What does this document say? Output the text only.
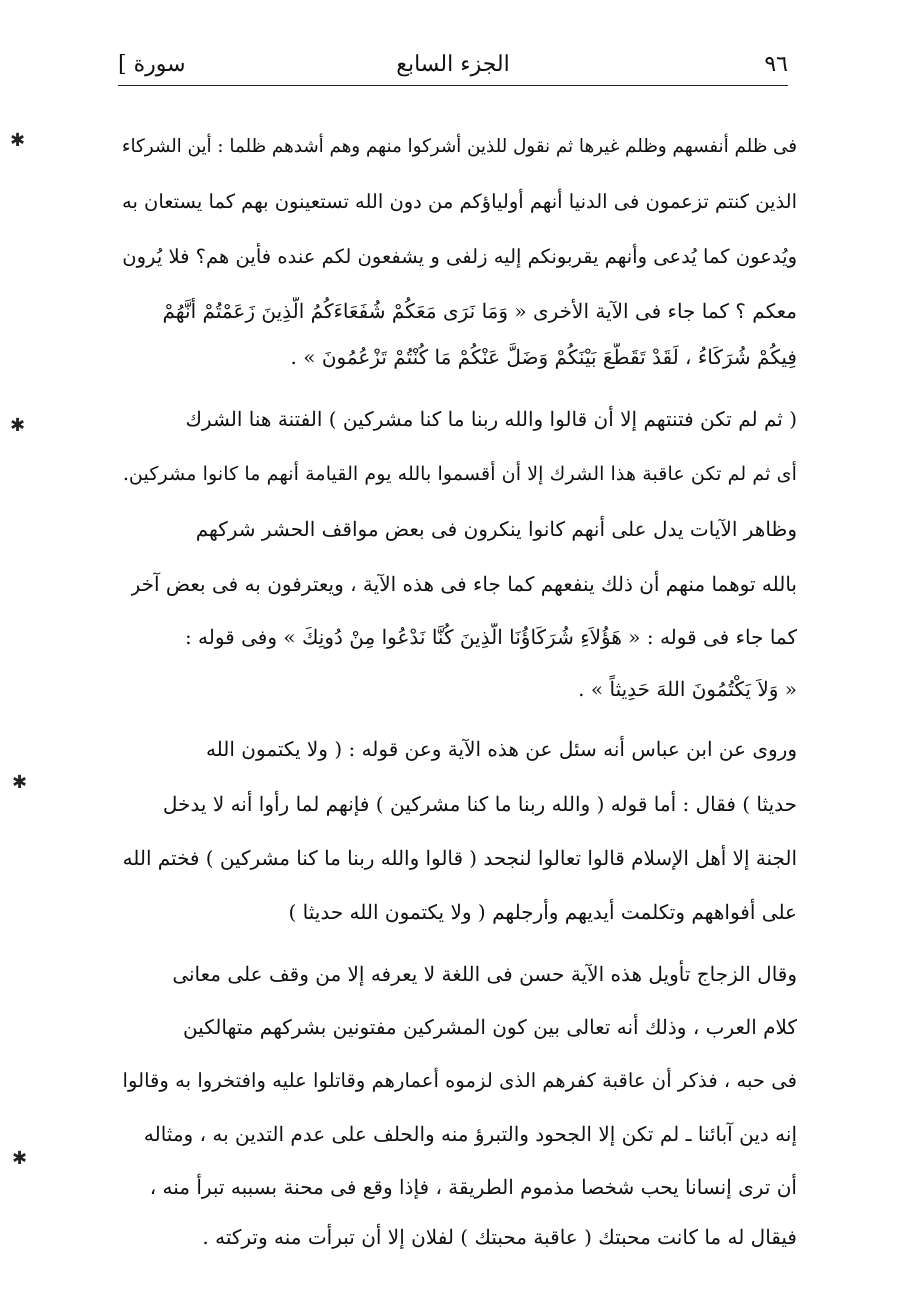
٩٦
الجزء السابع
[ سورة
فى ظلم أنفسهم وظلم غيرها ثم نقول للذين أشركوا منهم وهم أشدهم ظلما : أين الشركاء
الذين كنتم تزعمون فى الدنيا أنهم أولياؤكم من دون الله تستعينون بهم كما يستعان به
ويُدعون كما يُدعى وأنهم يقربونكم إليه زلفى و يشفعون لكم عنده فأين هم؟ فلا يُرون
معكم ؟ كما جاء فى الآية الأخرى « وَمَا نَرَى مَعَكُمْ شُفَعَاءَكُمُ الَّذِينَ زَعَمْتُمْ أَنَّهُمْ
فِيكُمْ شُرَكَاءُ ، لَقَدْ تَقَطَّعَ بَيْنَكُمْ وَضَلَّ عَنْكُمْ مَا كُنْتُمْ تَزْعُمُونَ » .
( ثم لم تكن فتنتهم إلا أن قالوا والله ربنا ما كنا مشركين ) الفتنة هنا الشرك
أى ثم لم تكن عاقبة هذا الشرك إلا أن أقسموا بالله يوم القيامة أنهم ما كانوا مشركين.
وظاهر الآيات يدل على أنهم كانوا ينكرون فى بعض مواقف الحشر شركهم
بالله توهما منهم أن ذلك ينفعهم كما جاء فى هذه الآية ، ويعترفون به فى بعض آخر
كما جاء فى قوله : « هَؤُلاَءِ شُرَكَاؤُنَا الَّذِينَ كُنَّا نَدْعُوا مِنْ دُونِكَ » وفى قوله :
« وَلاَ يَكْتُمُونَ اللهَ حَدِيثاً » .
وروى عن ابن عباس أنه سئل عن هذه الآية وعن قوله : ( ولا يكتمون الله
حديثا ) فقال : أما قوله ( والله ربنا ما كنا مشركين ) فإنهم لما رأوا أنه لا يدخل
الجنة إلا أهل الإسلام قالوا تعالوا لنجحد ( قالوا والله ربنا ما كنا مشركين ) فختم الله
على أفواههم وتكلمت أيديهم وأرجلهم ( ولا يكتمون الله حديثا )
وقال الزجاج تأويل هذه الآية حسن فى اللغة لا يعرفه إلا من وقف على معانى
كلام العرب ، وذلك أنه تعالى بين كون المشركين مفتونين بشركهم متهالكين
فى حبه ، فذكر أن عاقبة كفرهم الذى لزموه أعمارهم وقاتلوا عليه وافتخروا به وقالوا
إنه دين آبائنا ـ لم تكن إلا الجحود والتبرؤ منه والحلف على عدم التدين به ، ومثاله
أن ترى إنسانا يحب شخصا مذموم الطريقة ، فإذا وقع فى محنة بسببه تبرأ منه ،
فيقال له ما كانت محبتك ( عاقبة محبتك ) لفلان إلا أن تبرأت منه وتركته .
✱
✱
✱
✱
